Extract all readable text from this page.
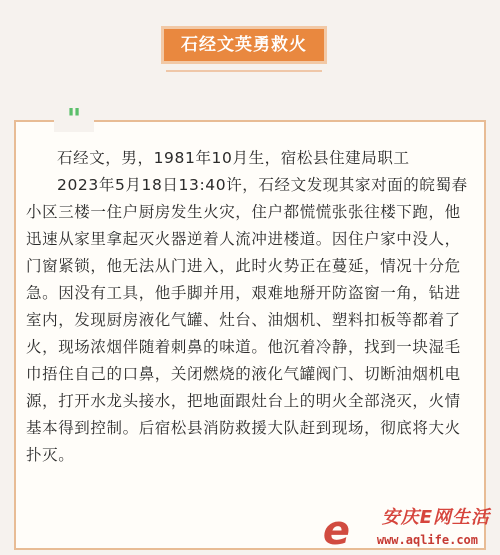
石经文英勇救火
"

石经文，男，1981年10月生，宿松县住建局职工

2023年5月18日13:40许，石经文发现其家对面的皖蜀春小区三楼一住户厨房发生火灾，住户都慌慌张张往楼下跑，他迅速从家里拿起灭火器逆着人流冲进楼道。因住户家中没人，门窗紧锁，他无法从门进入，此时火势正在蔓延，情况十分危急。因没有工具，他手脚并用，艰难地掰开防盗窗一角，钻进室内，发现厨房液化气罐、灶台、油烟机、塑料扣板等都着了火，现场浓烟伴随着刺鼻的味道。他沉着冷静，找到一块湿毛巾捂住自己的口鼻，关闭燃烧的液化气罐阀门、切断油烟机电源，打开水龙头接水，把地面跟灶台上的明火全部浇灭，火情基本得到控制。后宿松县消防救援大队赶到现场，彻底将大火扑灭。

e 安庆E网生活
www.aqlife.com
